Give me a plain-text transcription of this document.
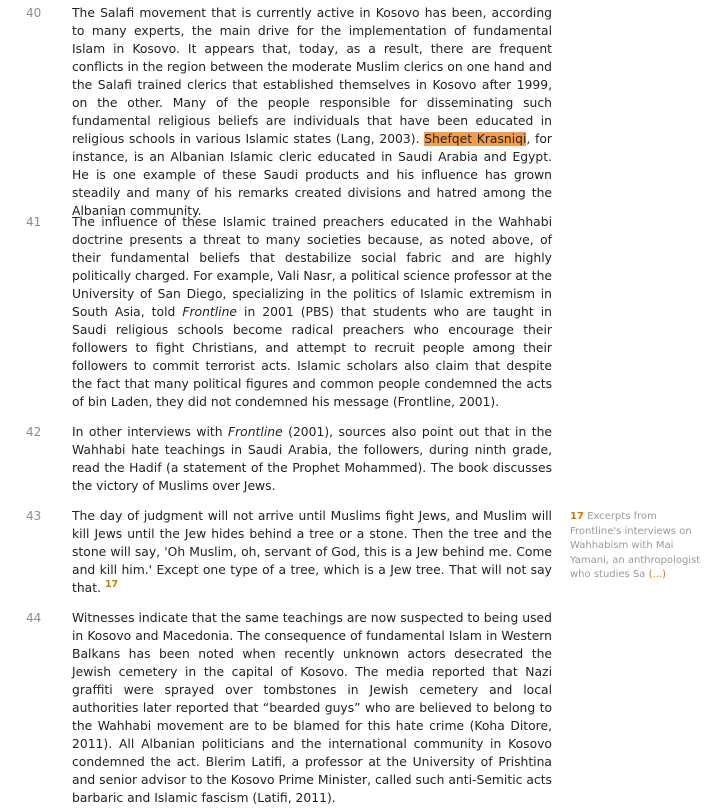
40 The Salafi movement that is currently active in Kosovo has been, according to many experts, the main drive for the implementation of fundamental Islam in Kosovo. It appears that, today, as a result, there are frequent conflicts in the region between the moderate Muslim clerics on one hand and the Salafi trained clerics that established themselves in Kosovo after 1999, on the other. Many of the people responsible for disseminating such fundamental religious beliefs are individuals that have been educated in religious schools in various Islamic states (Lang, 2003). Shefqet Krasniqi, for instance, is an Albanian Islamic cleric educated in Saudi Arabia and Egypt. He is one example of these Saudi products and his influence has grown steadily and many of his remarks created divisions and hatred among the Albanian community.
41 The influence of these Islamic trained preachers educated in the Wahhabi doctrine presents a threat to many societies because, as noted above, of their fundamental beliefs that destabilize social fabric and are highly politically charged. For example, Vali Nasr, a political science professor at the University of San Diego, specializing in the politics of Islamic extremism in South Asia, told Frontline in 2001 (PBS) that students who are taught in Saudi religious schools become radical preachers who encourage their followers to fight Christians, and attempt to recruit people among their followers to commit terrorist acts. Islamic scholars also claim that despite the fact that many political figures and common people condemned the acts of bin Laden, they did not condemned his message (Frontline, 2001).
42 In other interviews with Frontline (2001), sources also point out that in the Wahhabi hate teachings in Saudi Arabia, the followers, during ninth grade, read the Hadif (a statement of the Prophet Mohammed). The book discusses the victory of Muslims over Jews.
43 The day of judgment will not arrive until Muslims fight Jews, and Muslim will kill Jews until the Jew hides behind a tree or a stone. Then the tree and the stone will say, 'Oh Muslim, oh, servant of God, this is a Jew behind me. Come and kill him.' Except one type of a tree, which is a Jew tree. That will not say that. $^{17}$
44 Witnesses indicate that the same teachings are now suspected to being used in Kosovo and Macedonia. The consequence of fundamental Islam in Western Balkans has been noted when recently unknown actors desecrated the Jewish cemetery in the capital of Kosovo. The media reported that Nazi graffiti were sprayed over tombstones in Jewish cemetery and local authorities later reported that “bearded guys” who are believed to belong to the Wahhabi movement are to be blamed for this hate crime (Koha Ditore, 2011). All Albanian politicians and the international community in Kosovo condemned the act. Blerim Latifi, a professor at the University of Prishtina and senior advisor to the Kosovo Prime Minister, called such anti-Semitic acts barbaric and Islamic fascism (Latifi, 2011).
17 Excerpts from Frontline's interviews on Wahhabism with Mai Yamani, an anthropologist who studies Sa (...)
